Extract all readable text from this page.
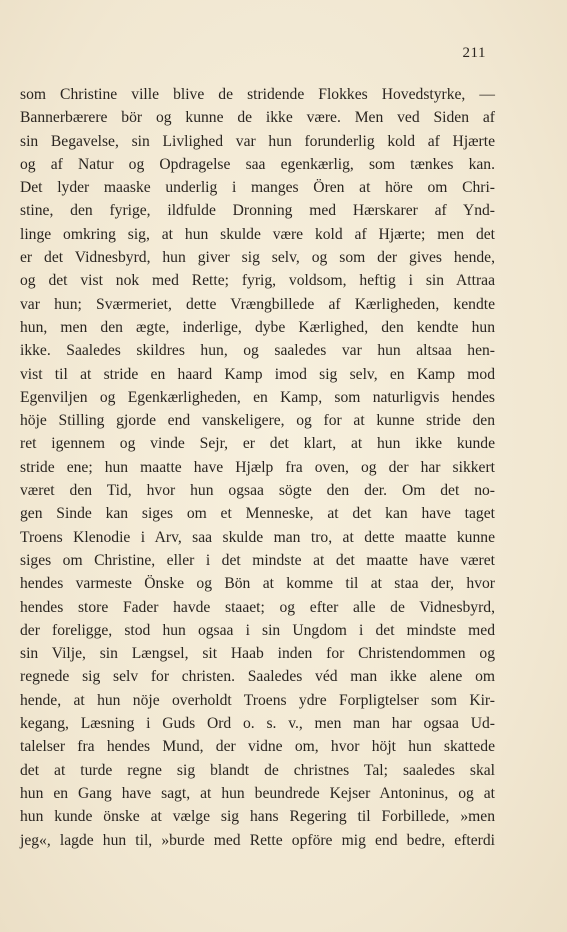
211
som Christine ville blive de stridende Flokkes Hovedstyrke, —
Bannerbærere bör og kunne de ikke være. Men ved Siden af
sin Begavelse, sin Livlighed var hun forunderlig kold af Hjærte
og af Natur og Opdragelse saa egenkærlig, som tænkes kan.
Det lyder maaske underlig i manges Ören at höre om Chri-
stine, den fyrige, ildfulde Dronning med Hærskarer af Ynd-
linge omkring sig, at hun skulde være kold af Hjærte; men det
er det Vidnesbyrd, hun giver sig selv, og som der gives hende,
og det vist nok med Rette; fyrig, voldsom, heftig i sin Attraa
var hun; Sværmeriet, dette Vrængbillede af Kærligheden, kendte
hun, men den ægte, inderlige, dybe Kærlighed, den kendte hun
ikke. Saaledes skildres hun, og saaledes var hun altsaa hen-
vist til at stride en haard Kamp imod sig selv, en Kamp mod
Egenviljen og Egenkærligheden, en Kamp, som naturligvis hendes
höje Stilling gjorde end vanskeligere, og for at kunne stride den
ret igennem og vinde Sejr, er det klart, at hun ikke kunde
stride ene; hun maatte have Hjælp fra oven, og der har sikkert
været den Tid, hvor hun ogsaa sögte den der. Om det no-
gen Sinde kan siges om et Menneske, at det kan have taget
Troens Klenodie i Arv, saa skulde man tro, at dette maatte kunne
siges om Christine, eller i det mindste at det maatte have været
hendes varmeste Önske og Bön at komme til at staa der, hvor
hendes store Fader havde staaet; og efter alle de Vidnesbyrd,
der foreligge, stod hun ogsaa i sin Ungdom i det mindste med
sin Vilje, sin Længsel, sit Haab inden for Christendommen og
regnede sig selv for christen. Saaledes véd man ikke alene om
hende, at hun nöje overholdt Troens ydre Forpligtelser som Kir-
kegang, Læsning i Guds Ord o. s. v., men man har ogsaa Ud-
talelser fra hendes Mund, der vidne om, hvor höjt hun skattede
det at turde regne sig blandt de christnes Tal; saaledes skal
hun en Gang have sagt, at hun beundrede Kejser Antoninus, og at
hun kunde önske at vælge sig hans Regering til Forbillede, »men
jeg«, lagde hun til, »burde med Rette opföre mig end bedre, efterdi
